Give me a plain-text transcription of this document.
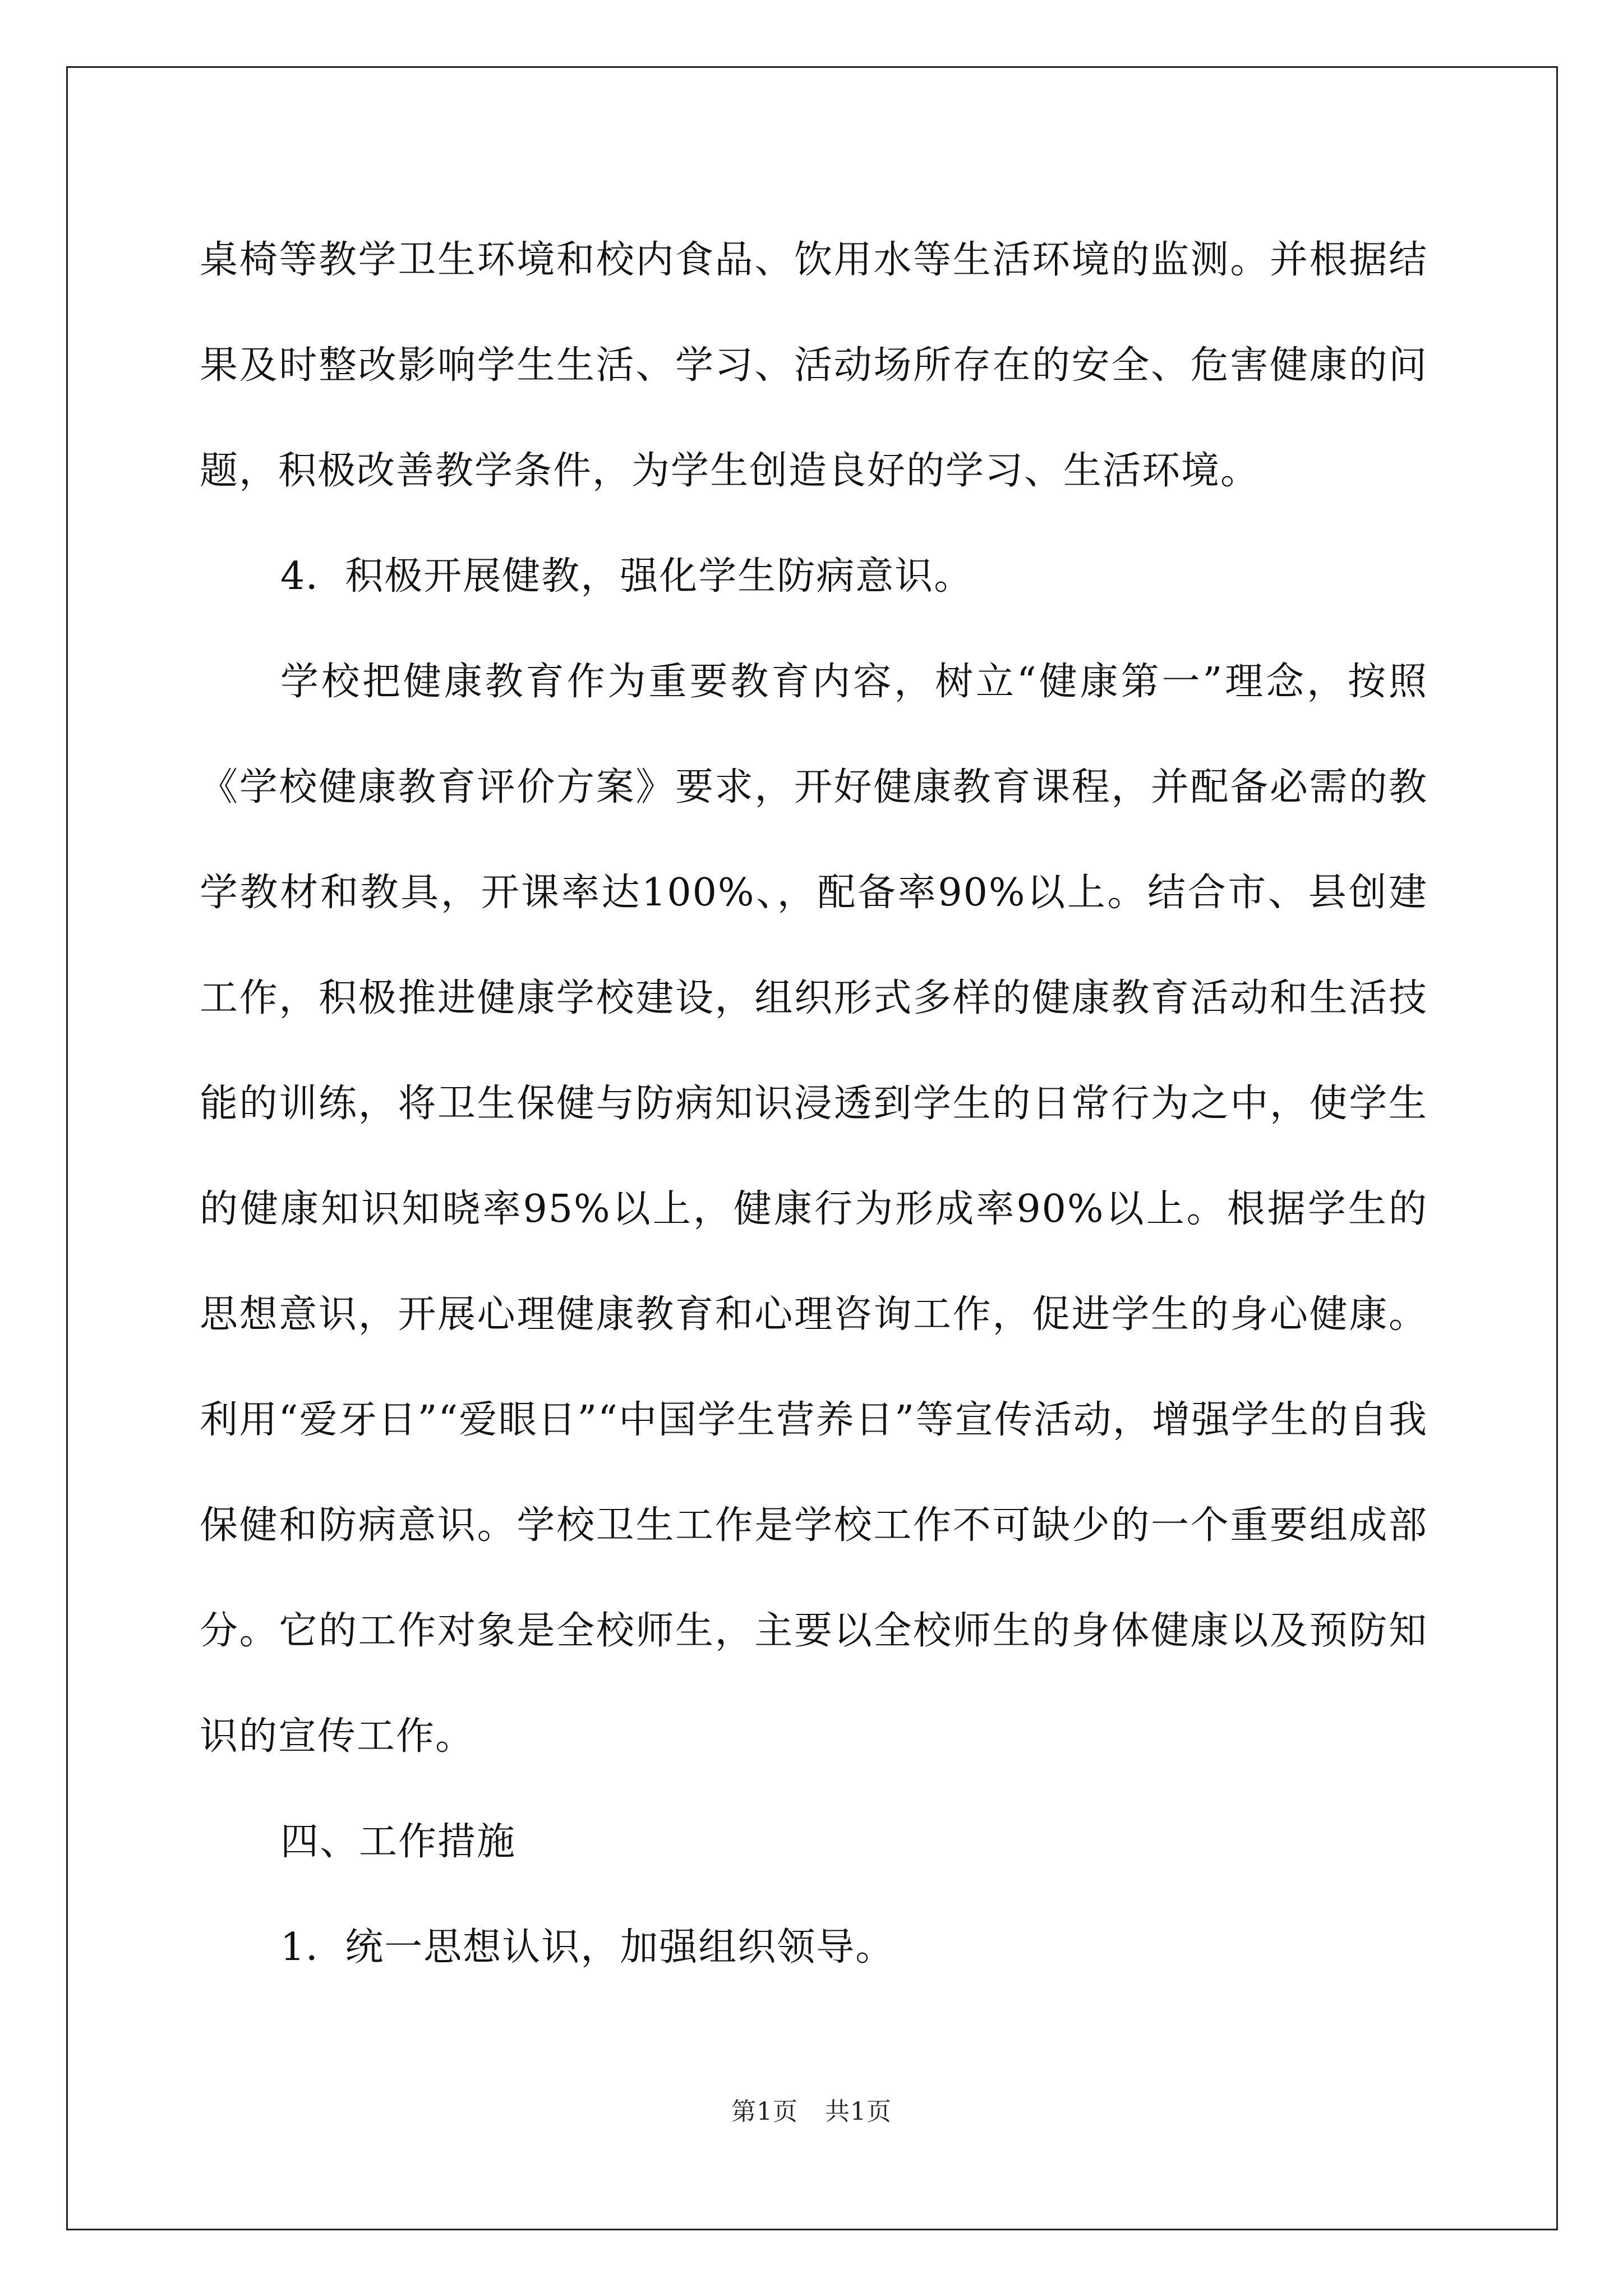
桌椅等教学卫生环境和校内食品、饮用水等生活环境的监测。并根据结果及时整改影响学生生活、学习、活动场所存在的安全、危害健康的问题，积极改善教学条件，为学生创造良好的学习、生活环境。

4．积极开展健教，强化学生防病意识。

学校把健康教育作为重要教育内容，树立“健康第一”理念，按照《学校健康教育评价方案》要求，开好健康教育课程，并配备必需的教学教材和教具，开课率达100%、，配备率90%以上。结合市、县创建工作，积极推进健康学校建设，组织形式多样的健康教育活动和生活技能的训练，将卫生保健与防病知识浸透到学生的日常行为之中，使学生的健康知识知晓率95%以上，健康行为形成率90%以上。根据学生的思想意识，开展心理健康教育和心理咨询工作，促进学生的身心健康。利用“爱牙日”“爱眼日”“中国学生营养日”等宣传活动，增强学生的自我保健和防病意识。学校卫生工作是学校工作不可缺少的一个重要组成部分。它的工作对象是全校师生，主要以全校师生的身体健康以及预防知识的宣传工作。

四、工作措施

1．统一思想认识，加强组织领导。

第1页 共1页
